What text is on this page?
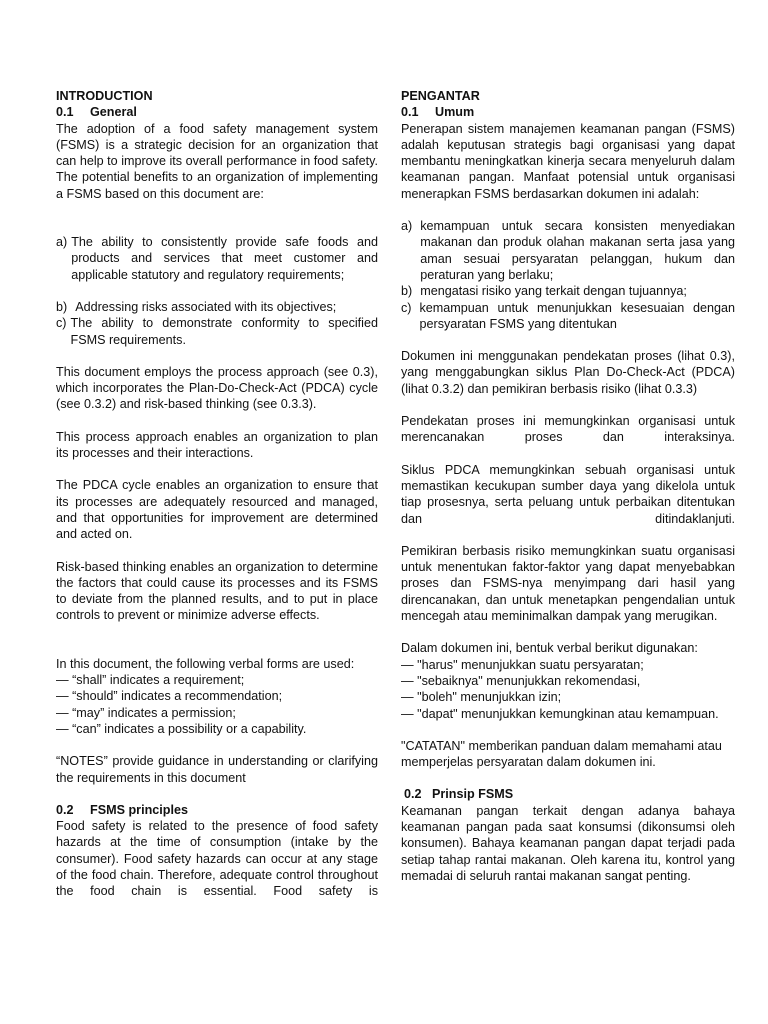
INTRODUCTION
0.1 General

The adoption of a food safety management system (FSMS) is a strategic decision for an organization that can help to improve its overall performance in food safety. The potential benefits to an organization of implementing a FSMS based on this document are:

a) The ability to consistently provide safe foods and products and services that meet customer and applicable statutory and regulatory requirements;
b) Addressing risks associated with its objectives;
c) The ability to demonstrate conformity to specified FSMS requirements.

This document employs the process approach (see 0.3), which incorporates the Plan-Do-Check-Act (PDCA) cycle (see 0.3.2) and risk-based thinking (see 0.3.3).

This process approach enables an organization to plan its processes and their interactions.

The PDCA cycle enables an organization to ensure that its processes are adequately resourced and managed, and that opportunities for improvement are determined and acted on.

Risk-based thinking enables an organization to determine the factors that could cause its processes and its FSMS to deviate from the planned results, and to put in place controls to prevent or minimize adverse effects.

In this document, the following verbal forms are used:

— “shall” indicates a requirement;
— “should” indicates a recommendation;
— “may” indicates a permission;
— “can” indicates a possibility or a capability.

“NOTES” provide guidance in understanding or clarifying the requirements in this document

0.2 FSMS principles

Food safety is related to the presence of food safety hazards at the time of consumption (intake by the consumer). Food safety hazards can occur at any stage of the food chain. Therefore, adequate control throughout the food chain is essential. Food safety is

PENGANTAR
0.1 Umum

Penerapan sistem manajemen keamanan pangan (FSMS) adalah keputusan strategis bagi organisasi yang dapat membantu meningkatkan kinerja secara menyeluruh dalam keamanan pangan. Manfaat potensial untuk organisasi menerapkan FSMS berdasarkan dokumen ini adalah:

a) kemampuan untuk secara konsisten menyediakan makanan dan produk olahan makanan serta jasa yang aman sesuai persyaratan pelanggan, hukum dan peraturan yang berlaku;
b) mengatasi risiko yang terkait dengan tujuannya;
c) kemampuan untuk menunjukkan kesesuaian dengan persyaratan FSMS yang ditentukan

Dokumen ini menggunakan pendekatan proses (lihat 0.3), yang menggabungkan siklus Plan Do-Check-Act (PDCA) (lihat 0.3.2) dan pemikiran berbasis risiko (lihat 0.3.3)

Pendekatan proses ini memungkinkan organisasi untuk merencanakan proses dan interaksinya.

Siklus PDCA memungkinkan sebuah organisasi untuk memastikan kecukupan sumber daya yang dikelola untuk tiap prosesnya, serta peluang untuk perbaikan ditentukan dan ditindaklanjuti.

Pemikiran berbasis risiko memungkinkan suatu organisasi untuk menentukan faktor-faktor yang dapat menyebabkan proses dan FSMS-nya menyimpang dari hasil yang direncanakan, dan untuk menetapkan pengendalian untuk mencegah atau meminimalkan dampak yang merugikan.

Dalam dokumen ini, bentuk verbal berikut digunakan:

— "harus" menunjukkan suatu persyaratan;
— "sebaiknya" menunjukkan rekomendasi,
— "boleh" menunjukkan izin;
— "dapat" menunjukkan kemungkinan atau kemampuan.

"CATATAN" memberikan panduan dalam memahami atau memperjelas persyaratan dalam dokumen ini.

0.2 Prinsip FSMS

Keamanan pangan terkait dengan adanya bahaya keamanan pangan pada saat konsumsi (dikonsumsi oleh konsumen). Bahaya keamanan pangan dapat terjadi pada setiap tahap rantai makanan. Oleh karena itu, kontrol yang memadai di seluruh rantai makanan sangat penting.
